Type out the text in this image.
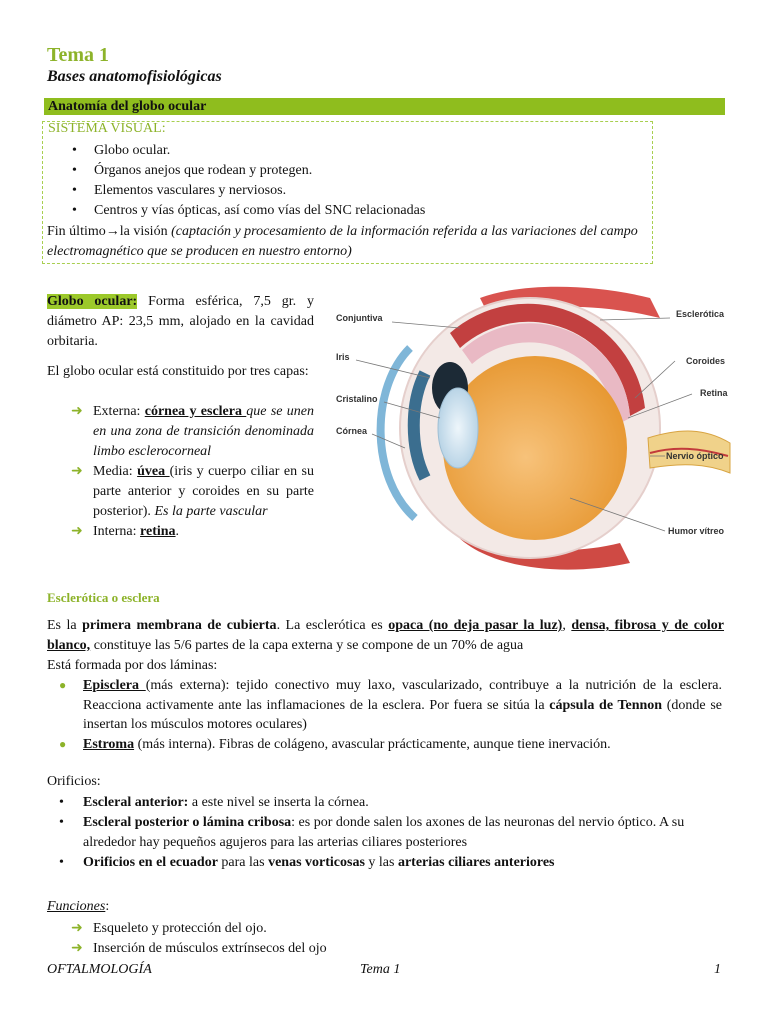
Tema 1
Bases anatomofisiológicas
Anatomía del globo ocular
SISTEMA VISUAL:
• Globo ocular.
• Órganos anejos que rodean y protegen.
• Elementos vasculares y nerviosos.
• Centros y vías ópticas, así como vías del SNC relacionadas
Fin último→la visión (captación y procesamiento de la información referida a las variaciones del campo electromagnético que se producen en nuestro entorno)
Globo ocular: Forma esférica, 7,5 gr. y diámetro AP: 23,5 mm, alojado en la cavidad orbitaria.
El globo ocular está constituido por tres capas:
➜ Externa: córnea y esclera que se unen en una zona de transición denominada limbo esclerocorneal
➜ Media: úvea (iris y cuerpo ciliar en su parte anterior y coroides en su parte posterior). Es la parte vascular
➜ Interna: retina.
Conjuntiva
Iris
Cristalino
Córnea
Esclerótica
Coroides
Retina
Nervio óptico
Humor vítreo
Esclerótica o esclera
Es la primera membrana de cubierta. La esclerótica es opaca (no deja pasar la luz), densa, fibrosa y de color blanco, constituye las 5/6 partes de la capa externa y se compone de un 70% de agua
Está formada por dos láminas:
● Episclera (más externa): tejido conectivo muy laxo, vascularizado, contribuye a la nutrición de la esclera. Reacciona activamente ante las inflamaciones de la esclera. Por fuera se sitúa la cápsula de Tennon (donde se insertan los músculos motores oculares)
● Estroma (más interna). Fibras de colágeno, avascular prácticamente, aunque tiene inervación.
Orificios:
• Escleral anterior: a este nivel se inserta la córnea.
• Escleral posterior o lámina cribosa: es por donde salen los axones de las neuronas del nervio óptico. A su alrededor hay pequeños agujeros para las arterias ciliares posteriores
• Orificios en el ecuador para las venas vorticosas y las arterias ciliares anteriores
Funciones:
➜ Esqueleto y protección del ojo.
➜ Inserción de músculos extrínsecos del ojo
OFTALMOLOGÍA	Tema 1	1
